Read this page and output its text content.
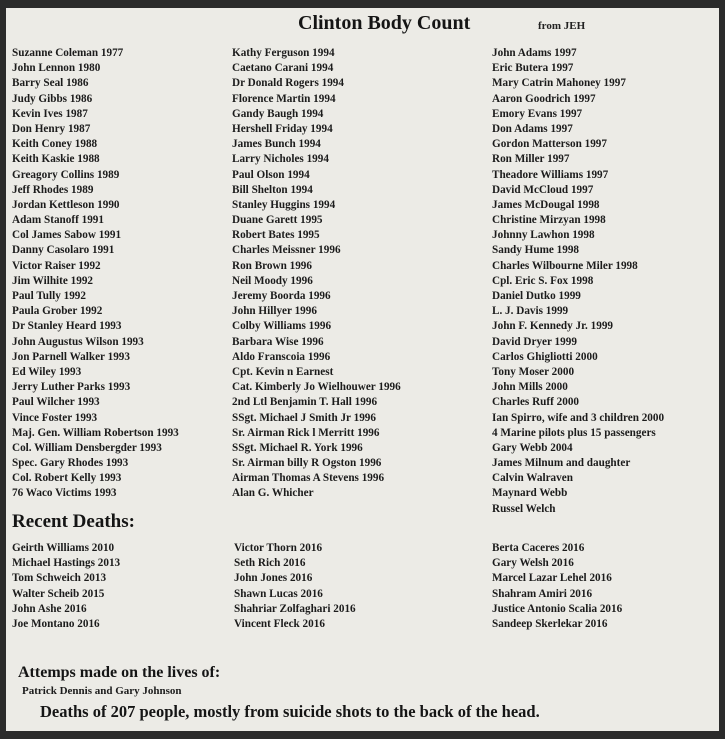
Clinton Body Count	from JEH
Suzanne Coleman 1977
John Lennon 1980
Barry Seal 1986
Judy Gibbs 1986
Kevin Ives 1987
Don Henry 1987
Keith Coney 1988
Keith Kaskie 1988
Greagory Collins 1989
Jeff Rhodes 1989
Jordan Kettleson 1990
Adam Stanoff 1991
Col James Sabow 1991
Danny Casolaro 1991
Victor Raiser 1992
Jim Wilhite 1992
Paul Tully 1992
Paula Grober 1992
Dr Stanley Heard 1993
John Augustus Wilson 1993
Jon Parnell Walker 1993
Ed Wiley 1993
Jerry Luther Parks 1993
Paul Wilcher 1993
Vince Foster 1993
Maj. Gen. William Robertson 1993
Col. William Densbergder 1993
Spec. Gary Rhodes 1993
Col. Robert Kelly 1993
76 Waco Victims 1993
Kathy Ferguson 1994
Caetano Carani 1994
Dr Donald Rogers 1994
Florence Martin 1994
Gandy Baugh 1994
Hershell Friday 1994
James Bunch 1994
Larry Nicholes 1994
Paul Olson 1994
Bill Shelton 1994
Stanley Huggins 1994
Duane Garett 1995
Robert Bates 1995
Charles Meissner 1996
Ron Brown 1996
Neil Moody 1996
Jeremy Boorda 1996
John Hillyer 1996
Colby Williams 1996
Barbara Wise 1996
Aldo Franscoia 1996
Cpt. Kevin n Earnest
Cat. Kimberly Jo Wielhouwer 1996
2nd Ltl Benjamin T. Hall 1996
SSgt. Michael J Smith Jr 1996
Sr. Airman Rick l Merritt 1996
SSgt. Michael R. York 1996
Sr. Airman billy R Ogston 1996
Airman Thomas A Stevens 1996
Alan G. Whicher
John Adams 1997
Eric Butera 1997
Mary Catrin Mahoney 1997
Aaron Goodrich 1997
Emory Evans 1997
Don Adams 1997
Gordon Matterson 1997
Ron Miller 1997
Theadore Williams 1997
David McCloud 1997
James McDougal 1998
Christine Mirzyan 1998
Johnny Lawhon 1998
Sandy Hume 1998
Charles Wilbourne Miler 1998
Cpl. Eric S. Fox 1998
Daniel Dutko 1999
L. J. Davis 1999
John F. Kennedy Jr. 1999
David Dryer 1999
Carlos Ghigliotti 2000
Tony Moser 2000
John Mills 2000
Charles Ruff 2000
Ian Spirro, wife and 3 children 2000
4 Marine pilots plus 15 passengers
Gary Webb 2004
James Milnum and daughter
Calvin Walraven
Maynard Webb
Russel Welch
Recent Deaths:
Geirth Williams 2010
Michael Hastings 2013
Tom Schweich 2013
Walter Scheib 2015
John Ashe 2016
Joe Montano 2016
Victor Thorn 2016
Seth Rich 2016
John Jones 2016
Shawn Lucas 2016
Shahriar Zolfaghari 2016
Vincent Fleck 2016
Berta Caceres 2016
Gary Welsh 2016
Marcel Lazar Lehel 2016
Shahram Amiri 2016
Justice Antonio Scalia 2016
Sandeep Skerlekar 2016
Attemps made on the lives of:
Patrick Dennis and Gary Johnson
Deaths of 207 people, mostly from suicide shots to the back of the head.
